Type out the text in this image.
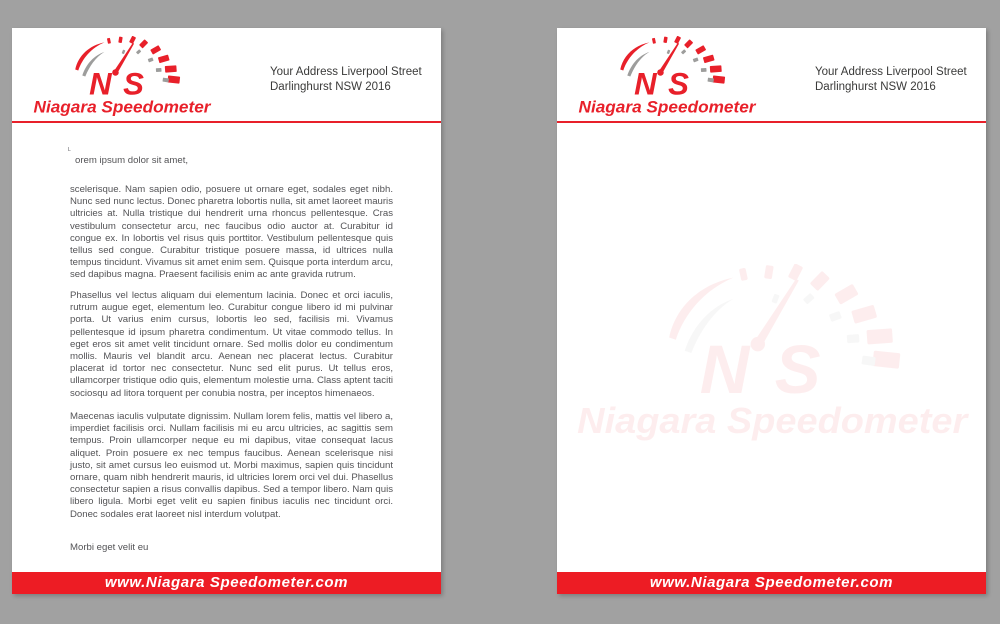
N S
Niagara Speedometer
Your Address Liverpool Street
Darlinghurst NSW 2016
L
orem ipsum dolor sit amet,
scelerisque. Nam sapien odio, posuere ut ornare eget, sodales eget nibh. Nunc sed nunc lectus. Donec pharetra lobortis nulla, sit amet laoreet mauris ultricies at. Nulla tristique dui hendrerit urna rhoncus pellentesque. Cras vestibulum consectetur arcu, nec faucibus odio auctor at. Curabitur id congue ex. In lobortis vel risus quis porttitor. Vestibulum pellentesque quis tellus sed congue. Curabitur tristique posuere massa, id ultrices nulla tempus tincidunt. Vivamus sit amet enim sem. Quisque porta interdum arcu, sed dapibus magna. Praesent facilisis enim ac ante gravida rutrum.
Phasellus vel lectus aliquam dui elementum lacinia. Donec et orci iaculis, rutrum augue eget, elementum leo. Curabitur congue libero id mi pulvinar porta. Ut varius enim cursus, lobortis leo sed, facilisis mi. Vivamus pellentesque id ipsum pharetra condimentum. Ut vitae commodo tellus. In eget eros sit amet velit tincidunt ornare. Sed mollis dolor eu condimentum mollis. Mauris vel blandit arcu. Aenean nec placerat lectus. Curabitur placerat id tortor nec consectetur. Nunc sed elit purus. Ut tellus eros, ullamcorper tristique odio quis, elementum molestie urna. Class aptent taciti sociosqu ad litora torquent per conubia nostra, per inceptos himenaeos.
Maecenas iaculis vulputate dignissim. Nullam lorem felis, mattis vel libero a, imperdiet facilisis orci. Nullam facilisis mi eu arcu ultricies, ac sagittis sem tempus. Proin ullamcorper neque eu mi dapibus, vitae consequat lacus aliquet. Proin posuere ex nec tempus faucibus. Aenean scelerisque nisi justo, sit amet cursus leo euismod ut. Morbi maximus, sapien quis tincidunt ornare, quam nibh hendrerit mauris, id ultricies lorem orci vel dui. Phasellus consectetur sapien a risus convallis dapibus. Sed a tempor libero. Nam quis libero ligula. Morbi eget velit eu sapien finibus iaculis nec tincidunt orci. Donec sodales erat laoreet nisl interdum volutpat.
Morbi eget velit eu
www.Niagara Speedometer.com
N S
Niagara Speedometer
Your Address Liverpool Street
Darlinghurst NSW 2016
N S
Niagara Speedometer
www.Niagara Speedometer.com
